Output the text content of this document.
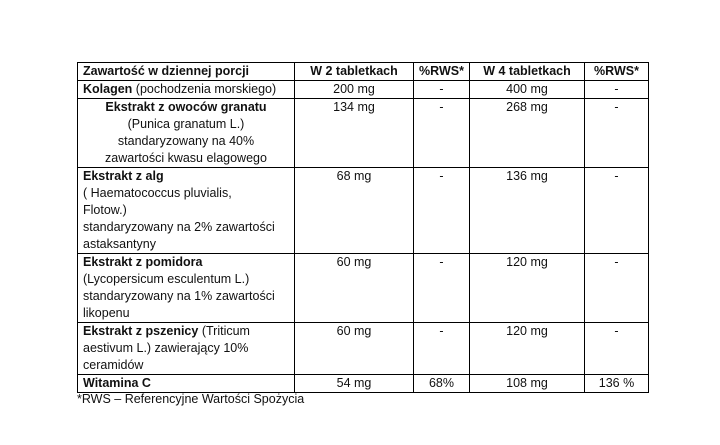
Zawartość w dziennej porcji	W 2 tabletkach	%RWS*	W 4 tabletkach	%RWS*
Kolagen (pochodzenia morskiego)	200 mg	-	400 mg	-

Ekstrakt z owoców granatu
(Punica granatum L.)
standaryzowany na 40%
zawartości kwasu elagowego	134 mg	-	268 mg	-

Ekstrakt z alg
( Haematococcus pluvialis,
Flotow.)
standaryzowany na 2% zawartości
astaksantyny	68 mg	-	136 mg	-

Ekstrakt z pomidora
(Lycopersicum esculentum L.)
standaryzowany na 1% zawartości
likopenu	60 mg	-	120 mg	-

Ekstrakt z pszenicy (Triticum
aestivum L.) zawierający 10%
ceramidów	60 mg	-	120 mg	-
Witamina C	54 mg	68%	108 mg	136 %

*RWS – Referencyjne Wartości Spożycia
